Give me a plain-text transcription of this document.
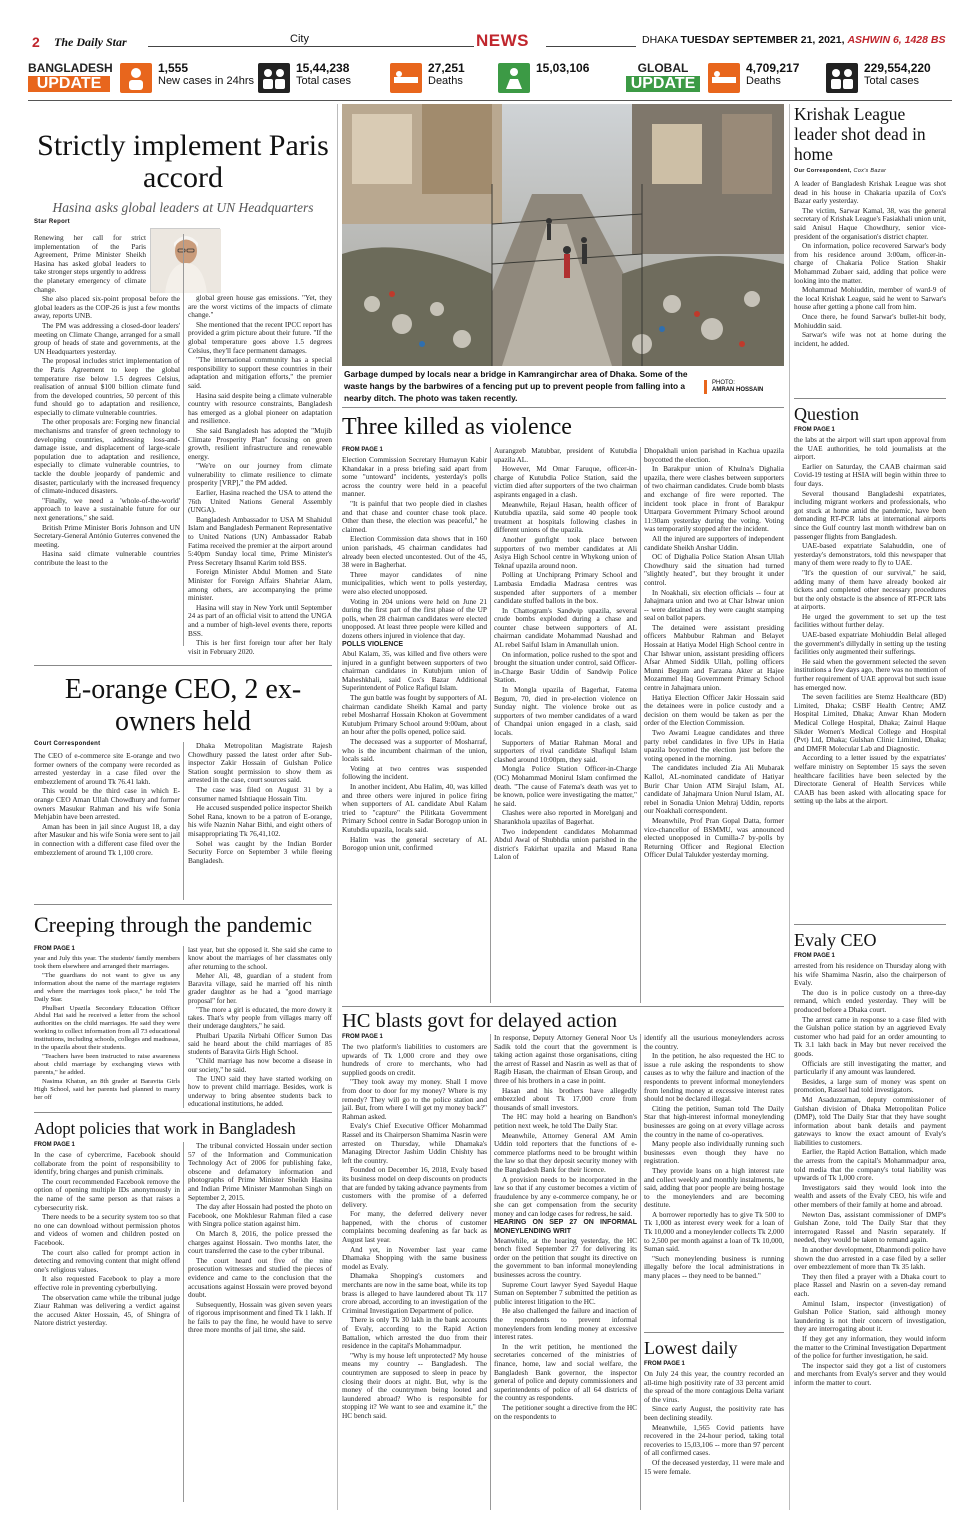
2 The Daily Star	City	NEWS	DHAKA TUESDAY SEPTEMBER 21, 2021, ASHWIN 6, 1428 BS
BANGLADESH
UPDATE
1,555
New cases in 24hrs
15,44,238
Total cases
27,251
Deaths
15,03,106	GLOBAL
UPDATE
4,709,217
Deaths
229,554,220
Total cases
Strictly implement Paris accord
Hasina asks global leaders at UN Headquarters
Star Report

Renewing her call for strict implementation of the Paris Agreement, Prime Minister Sheikh Hasina has asked global leaders to take stronger steps urgently to address the planetary emergency of climate change.

She also placed six-point proposal before the global leaders as the COP-26 is just a few months away, reports UNB.

The PM was addressing a closed-door leaders' meeting on Climate Change, arranged for a small group of heads of state and governments, at the UN Headquarters yesterday.

The proposal includes strict implementation of the Paris Agreement to keep the global temperature rise below 1.5 degrees Celsius, realisation of annual $100 billion climate fund from the developed countries, 50 percent of this fund should go to adaptation and resilience, especially to climate vulnerable countries.

The other proposals are: Forging new financial mechanisms and transfer of green technology to developing countries, addressing loss-and-damage issue, and displacement of large-scale population due to adaptation and resilience, especially to climate vulnerable countries, to tackle the double jeopardy of pandemic and disaster, particularly with the increased frequency of climate-induced disasters.

"Finally, we need a 'whole-of-the-world' approach to leave a sustainable future for our next generations," she said.

British Prime Minister Boris Johnson and UN Secretary-General António Guterres convened the meeting.

Hasina said climate vulnerable countries contribute the least to the

global green house gas emissions. "Yet, they are the worst victims of the impacts of climate change."

She mentioned that the recent IPCC report has provided a grim picture about their future. "If the global temperature goes above 1.5 degrees Celsius, they'll face permanent damages.

"The international community has a special responsibility to support these countries in their adaptation and mitigation efforts," the premier said.

Hasina said despite being a climate vulnerable country with resource constraints, Bangladesh has emerged as a global pioneer on adaptation and resilience.

She said Bangladesh has adopted the "Mujib Climate Prosperity Plan" focusing on green growth, resilient infrastructure and renewable energy.

"We're on our journey from climate vulnerability to climate resilience to climate prosperity [VRP]," the PM added.

Earlier, Hasina reached the USA to attend the 76th United Nations General Assembly (UNGA).

Bangladesh Ambassador to USA M Shahidul Islam and Bangladesh Permanent Representative to United Nations (UN) Ambassador Rabab Fatima received the premier at the airport around 5:40pm Sunday local time, Prime Minister's Press Secretary Ihsanul Karim told BSS.

Foreign Minister Abdul Momen and State Minister for Foreign Affairs Shahriar Alam, among others, are accompanying the prime minister.

Hasina will stay in New York until September 24 as part of an official visit to attend the UNGA and a number of high-level events there, reports BSS.

This is her first foreign tour after her Italy visit in February 2020.

E-orange CEO, 2 ex-owners held
Court Correspondent

The CEO of e-commerce site E-orange and two former owners of the company were recorded as arrested yesterday in a case filed over the embezzlement of around Tk 76.41 lakh.

This would be the third case in which E-orange CEO Aman Ullah Chowdhury and former owners Masukur Rahman and his wife Sonia Mehjabin have been arrested.

Aman has been in jail since August 18, a day after Masukur and his wife Sonia were sent to jail in connection with a different case filed over the embezzlement of around Tk 1,100 crore.

Dhaka Metropolitan Magistrate Rajesh Chowdhury passed the latest order after Sub-inspector Zakir Hossain of Gulshan Police Station sought permission to show them as arrested in the case, court sources said.

The case was filed on August 31 by a consumer named Ishtiaque Hossain Titu.

He accused suspended police inspector Sheikh Sohel Rana, known to be a patron of E-orange, his wife Naznin Nahar Bithi, and eight others of misappropriating Tk 76,41,102.

Sohel was caught by the Indian Border Security Force on September 3 while fleeing Bangladesh.

Creeping through the pandemic
FROM PAGE 1

year and July this year. The students' family members took them elsewhere and arranged their marriages.

"The guardians do not want to give us any information about the name of the marriage registers and where the marriages took place," he told The Daily Star.

Phulbari Upazila Secondary Education Officer Abdul Hai said he received a letter from the school authorities on the child marriages. He said they were working to collect information from all 73 educational institutions, including schools, colleges and madrasas, in the upazila about their students.

"Teachers have been instructed to raise awareness about child marriage by exchanging views with parents," he added.

Nasima Khatun, an 8th grader at Baravita Girls High School, said her parents had planned to marry her off

last year, but she opposed it. She said she came to know about the marriages of her classmates only after returning to the school.

Meher Ali, 48, guardian of a student from Baravita village, said he married off his ninth grader daughter as he had a "good marriage proposal" for her.

"The more a girl is educated, the more dowry it takes. That's why people from villages marry off their underage daughters," he said.

Phulbari Upazila Nirbahi Officer Sumon Das said he heard about the child marriages of 85 students of Baravita Girls High School.

"Child marriage has now become a disease in our society," he said.

The UNO said they have started working on how to prevent child marriage. Besides, work is underway to bring absentee students back to educational institutions, he added.

Adopt policies that work in Bangladesh
FROM PAGE 1

In the case of cybercrime, Facebook should collaborate from the point of responsibility to identify, bring charges and punish criminals.

The court recommended Facebook remove the option of opening multiple IDs anonymously in the name of the same person as that raises a cybersecurity risk.

There needs to be a security system too so that no one can download without permission photos and videos of women and children posted on Facebook.

The court also called for prompt action in detecting and removing content that might offend one's religious values.

It also requested Facebook to play a more effective role in preventing cyberbullying.

The observation came while the tribunal judge Ziaur Rahman was delivering a verdict against the accused Akter Hossain, 45, of Shingra of Natore district yesterday.

The tribunal convicted Hossain under section 57 of the Information and Communication Technology Act of 2006 for publishing fake, obscene and defamatory information and photographs of Prime Minister Sheikh Hasina and Indian Prime Minister Manmohan Singh on September 2, 2015.

The day after Hossain had posted the photo on Facebook, one Mokhlesur Rahman filed a case with Singra police station against him.

On March 8, 2016, the police pressed the charges against Hossain. Two months later, the court transferred the case to the cyber tribunal.

The court heard out five of the nine prosecution witnesses and studied the pieces of evidence and came to the conclusion that the accusations against Hossain were proved beyond doubt.

Subsequently, Hossain was given seven years of rigorous imprisonment and fined Tk 1 lakh. If he fails to pay the fine, he would have to serve three more months of jail time, she said.

Garbage dumped by locals near a bridge in Kamrangirchar area of Dhaka. Some of the waste hangs by the barbwires of a fencing put up to prevent people from falling into a nearby ditch. The photo was taken recently.
PHOTO:
AMRAN HOSSAIN
Three killed as violence
FROM PAGE 1

Election Commission Secretary Humayun Kabir Khandakar in a press briefing said apart from some "untoward" incidents, yesterday's polls across the country were held in a peaceful manner.

"It is painful that two people died in clashes and that chase and counter chase took place. Other than these, the election was peaceful," he claimed.

Election Commission data shows that in 160 union parishads, 45 chairman candidates had already been elected uncontested. Out of the 45, 38 were in Bagherhat.

Three mayor candidates of nine municipalities, which went to polls yesterday, were also elected unopposed.

Voting in 204 unions were held on June 21 during the first part of the first phase of the UP polls, when 28 chairman candidates were elected unopposed. At least three people were killed and dozens others injured in violence that day.

POLLS VIOLENCE

Abul Kalam, 35, was killed and five others were injured in a gunfight between supporters of two chairman candidates in Kutubjum union of Maheshkhali, said Cox's Bazar Additional Superintendent of Police Rafiqul Islam.

The gun battle was fought by supporters of AL chairman candidate Sheikh Kamal and party rebel Mosharraf Hossain Khokon at Government Kutubjum Primary School around 9:00am, about an hour after the polls opened, police said.

The deceased was a supporter of Mosharraf, who is the incumbent chairman of the union, locals said.

Voting at two centres was suspended following the incident.

In another incident, Abu Halim, 40, was killed and three others were injured in police firing when supporters of AL candidate Abul Kalam tried to "capture" the Pilitkata Government Primary School centre in Sadar Borogop union in Kutubdia upazila, locals said.

Halim was the general secretary of AL Borogop union unit, confirmed

Aurangzeb Matubbar, president of Kutubdia upazila AL.

However, Md Omar Faruque, officer-in-charge of Kutubdia Police Station, said the victim died after supporters of the two chairman aspirants engaged in a clash.

Meanwhile, Rejaul Hasan, health officer of Kutubdia upazila, said some 40 people took treatment at hospitals following clashes in different unions of the upazila.

Another gunfight took place between supporters of two member candidates at Ali Asiya High School centre in Whykong union of Teknaf upazila around noon.

Polling at Unchiprang Primary School and Lambasia Emdadia Madrasa centres was suspended after supporters of a member candidate stuffed ballots in the box.

In Chattogram's Sandwip upazila, several crude bombs exploded during a chase and counter chase between supporters of AL chairman candidate Mohammad Naushad and AL rebel Saiful Islam in Amanullah union.

On information, police rushed to the spot and brought the situation under control, said Officer-in-Charge Basir Uddin of Sandwip Police Station.

In Mongla upazila of Bagerhat, Fatema Begum, 70, died in pre-election violence on Sunday night. The violence broke out as supporters of two member candidates of a ward of Chandpai union engaged in a clash, said locals.

Supporters of Matiar Rahman Moral and supporters of rival candidate Shafiqul Islam clashed around 10:00pm, they said.

Mongla Police Station Officer-in-Charge (OC) Mohammad Monirul Islam confirmed the death. "The cause of Fatema's death was yet to be known, police were investigating the matter," he said.

Clashes were also reported in Morelganj and Sharankhola upazilas of Bagerhat.

Two independent candidates Mohammad Abdul Awal of Shubhdia union parished in the district's Fakirhat upazila and Masud Rana Lalon of

Dhopakhali union parishad in Kachua upazila boycotted the election.

In Barakpur union of Khulna's Dighalia upazila, there were clashes between supporters of two chairman candidates. Crude bomb blasts and exchange of fire were reported. The incident took place in front of Barakpur Uttarpara Government Primary School around 11:30am yesterday during the voting. Voting was temporarily stopped after the incident.

All the injured are supporters of independent candidate Sheikh Anshar Uddin.

OC of Dighalia Police Station Ahsan Ullah Chowdhury said the situation had turned "slightly heated", but they brought it under control.

In Noakhali, six election officials -- four at Jahajmara union and two at Char Ishwar union -- were detained as they were caught stamping seal on ballot papers.

The detained were assistant presiding officers Mahbubur Rahman and Belayet Hossain at Hatiya Model High School centre in Char Ishwar union, assistant presiding officers Afsar Ahmed Siddik Ullah, polling officers Munni Begum and Farzana Akter at Hajee Mozammel Haq Government Primary School centre in Jahajmara union.

Hatiya Election Officer Jakir Hossain said the detainees were in police custody and a decision on them would be taken as per the order of the Election Commission.

Two Awami League candidates and three party rebel candidates in five UPs in Hatia upazila boycotted the election just before the voting opened in the morning.

The candidates included Zia Ali Mubarak Kallol, AL-nominated candidate of Hatiyar Burir Char Union ATM Sirajul Islam, AL candidate of Jahajmara Union Nurul Islam, AL rebel in Sonadia Union Mehraj Uddin, reports our Noakhali correspondent.

Meanwhile, Prof Pran Gopal Datta, former vice-chancellor of BSMMU, was announced elected unopposed in Cumilla-7 by-polls by Returning Officer and Regional Election Officer Dulal Talukder yesterday morning.

HC blasts govt for delayed action
FROM PAGE 1

The two platform's liabilities to customers are upwards of Tk 1,000 crore and they owe hundreds of crore to merchants, who had supplied goods on credit.

"They took away my money. Shall I move from door to door for my money? Where is my remedy? They will go to the police station and jail. But, from where I will get my money back?" Rahman asked.

Evaly's Chief Executive Officer Mohammad Rassel and its Chairperson Shamima Nasrin were arrested on Thursday, while Dhamaka's Managing Director Jashim Uddin Chishty has left the country.

Founded on December 16, 2018, Evaly based its business model on deep discounts on products that are funded by taking advance payments from customers with the promise of a deferred delivery.

For many, the deferred delivery never happened, with the chorus of customer complaints becoming deafening as far back as August last year.

And yet, in November last year came Dhamaka Shopping with the same business model as Evaly.

Dhamaka Shopping's customers and merchants are now in the same boat, while its top brass is alleged to have laundered about Tk 117 crore abroad, according to an investigation of the Criminal Investigation Department of police.

There is only Tk 30 lakh in the bank accounts of Evaly, according to the Rapid Action Battalion, which arrested the duo from their residence in the capital's Mohammadpur.

"Why is my house left unprotected? My house means my country -- Bangladesh. The countrymen are supposed to sleep in peace by closing their doors at night. But, why is the money of the countrymen being looted and laundered abroad? Who is responsible for stopping it? We want to see and examine it," the HC bench said.

In response, Deputy Attorney General Noor Us Sadik told the court that the government is taking action against those organisations, citing the arrest of Rassel and Nasrin as well as that of Ragib Hasan, the chairman of Ehsan Group, and three of his brothers in a case in point.

Hasan and his brothers have allegedly embezzled about Tk 17,000 crore from thousands of small investors.

The HC may hold a hearing on Bandhon's petition next week, he told The Daily Star.

Meanwhile, Attorney General AM Amin Uddin told reporters that the functions of e-commerce platforms need to be brought within the law so that they deposit security money with the Bangladesh Bank for their licence.

A provision needs to be incorporated in the law so that if any customer becomes a victim of fraudulence by any e-commerce company, he or she can get compensation from the security money and can lodge cases for redress, he said.

HEARING ON SEP 27 ON INFORMAL MONEYLENDING WRIT

Meanwhile, at the hearing yesterday, the HC bench fixed September 27 for delivering its order on the petition that sought its directive on the government to ban informal moneylending businesses across the country.

Supreme Court lawyer Syed Sayedul Haque Suman on September 7 submitted the petition as public interest litigation to the HC.

He also challenged the failure and inaction of the respondents to prevent informal moneylenders from lending money at excessive interest rates.

In the writ petition, he mentioned the secretaries concerned of the ministries of finance, home, law and social welfare, the Bangladesh Bank governor, the inspector general of police and deputy commissioners and superintendents of police of all 64 districts of the country as respondents.

The petitioner sought a directive from the HC on the respondents to

identify all the usurious moneylenders across the country.

In the petition, he also requested the HC to issue a rule asking the respondents to show causes as to why the failure and inaction of the respondents to prevent informal moneylenders from lending money at excessive interest rates should not be declared illegal.

Citing the petition, Suman told The Daily Star that high-interest informal moneylending businesses are going on at every village across the country in the name of co-operatives.

Many people also individually running such businesses even though they have no registration.

They provide loans on a high interest rate and collect weekly and monthly instalments, he said, adding that poor people are being hostage to the moneylenders and are becoming destitute.

A borrower reportedly has to give Tk 500 to Tk 1,000 as interest every week for a loan of Tk 10,000 and a moneylender collects Tk 2,000 to 2,500 per month against a loan of Tk 10,000, Suman said.

"Such moneylending business is running illegally before the local administrations in many places -- they need to be banned."

Lowest daily
FROM PAGE 1

On July 24 this year, the country recorded an all-time high positivity rate of 33 percent amid the spread of the more contagious Delta variant of the virus.

Since early August, the positivity rate has been declining steadily.

Meanwhile, 1,565 Covid patients have recovered in the 24-hour period, taking total recoveries to 15,03,106 -- more than 97 percent of all confirmed cases.

Of the deceased yesterday, 11 were male and 15 were female.

Krishak League leader shot dead in home
Our Correspondent, Cox's Bazar

A leader of Bangladesh Krishak League was shot dead in his house in Chakaria upazila of Cox's Bazar early yesterday.

The victim, Sarwar Kamal, 38, was the general secretary of Krishak League's Fasiakhali union unit, said Anisul Haque Chowdhury, senior vice-president of the organisation's district chapter.

On information, police recovered Sarwar's body from his residence around 3:00am, officer-in-charge of Chakaria Police Station Shakir Mohammad Zubaer said, adding that police were looking into the matter.

Mohammad Mohiuddin, member of ward-9 of the local Krishak League, said he went to Sarwar's house after getting a phone call from him.

Once there, he found Sarwar's bullet-hit body, Mohiuddin said.

Sarwar's wife was not at home during the incident, he added.

Question
FROM PAGE 1

the labs at the airport will start upon approval from the UAE authorities, he told journalists at the airport.

Earlier on Saturday, the CAAB chairman said Covid-19 testing at HSIA will begin within three to four days.

Several thousand Bangladeshi expatriates, including migrant workers and professionals, who got stuck at home amid the pandemic, have been demanding RT-PCR labs at international airports since the Gulf country last month withdrew ban on passenger flights from Bangladesh.

UAE-based expatriate Salahuddin, one of yesterday's demonstrators, told this newspaper that many of them were ready to fly to UAE.

"It's the question of our survival," he said, adding many of them have already booked air tickets and completed other necessary procedures but the only obstacle is the absence of RT-PCR labs at airports.

He urged the government to set up the test facilities without further delay.

UAE-based expatriate Mohiuddin Belal alleged the government's dillydally in setting up the testing facilities only augmented their sufferings.

He said when the government selected the seven institutions a few days ago, there was no mention of further requirement of UAE approval but such issue has emerged now.

The seven facilities are Stemz Healthcare (BD) Limited, Dhaka; CSBF Health Centre; AMZ Hospital Limited, Dhaka; Anwar Khan Modern Medical College Hospital, Dhaka; Zainul Haque Sikder Women's Medical College and Hospital (Pvt) Ltd, Dhaka; Gulshan Clinic Limited, Dhaka; and DMFR Molecular Lab and Diagnostic.

According to a letter issued by the expatriates' welfare ministry on September 15 says the seven healthcare facilities have been selected by the Directorate General of Health Services while CAAB has been asked with allocating space for setting up the labs at the airport.

Evaly CEO
FROM PAGE 1

arrested from his residence on Thursday along with his wife Shamima Nasrin, also the chairperson of Evaly.

The duo is in police custody on a three-day remand, which ended yesterday. They will be produced before a Dhaka court.

The arrest came in response to a case filed with the Gulshan police station by an aggrieved Evaly customer who had paid for an order amounting to Tk 3.1 lakh back in May but never received the goods.

Officials are still investigating the matter, and particularly if any amount was laundered.

Besides, a large sum of money was spent on promotion, Rassel had told investigators.

Md Asaduzzaman, deputy commissioner of Gulshan division of Dhaka Metropolitan Police (DMP), told The Daily Star that they have sought information about bank details and payment gateways to know the exact amount of Evaly's liabilities to customers.

Earlier, the Rapid Action Battalion, which made the arrests from the capital's Mohammadpur area, told media that the company's total liability was upwards of Tk 1,000 crore.

Investigators said they would look into the wealth and assets of the Evaly CEO, his wife and other members of their family at home and abroad.

Newton Das, assistant commissioner of DMP's Gulshan Zone, told The Daily Star that they interrogated Rassel and Nasrin separately. If needed, they would be taken to remand again.

In another development, Dhanmondi police have shown the duo arrested in a case filed by a seller over embezzlement of more than Tk 35 lakh.

They then filed a prayer with a Dhaka court to place Rassel and Nasrin on a seven-day remand each.

Aminul Islam, inspector (investigation) of Gulshan Police Station, said although money laundering is not their concern of investigation, they are interrogating about it.

If they get any information, they would inform the matter to the Criminal Investigation Department of the police for further investigation, he said.

The inspector said they got a list of customers and merchants from Evaly's server and they would inform the matter to court.
